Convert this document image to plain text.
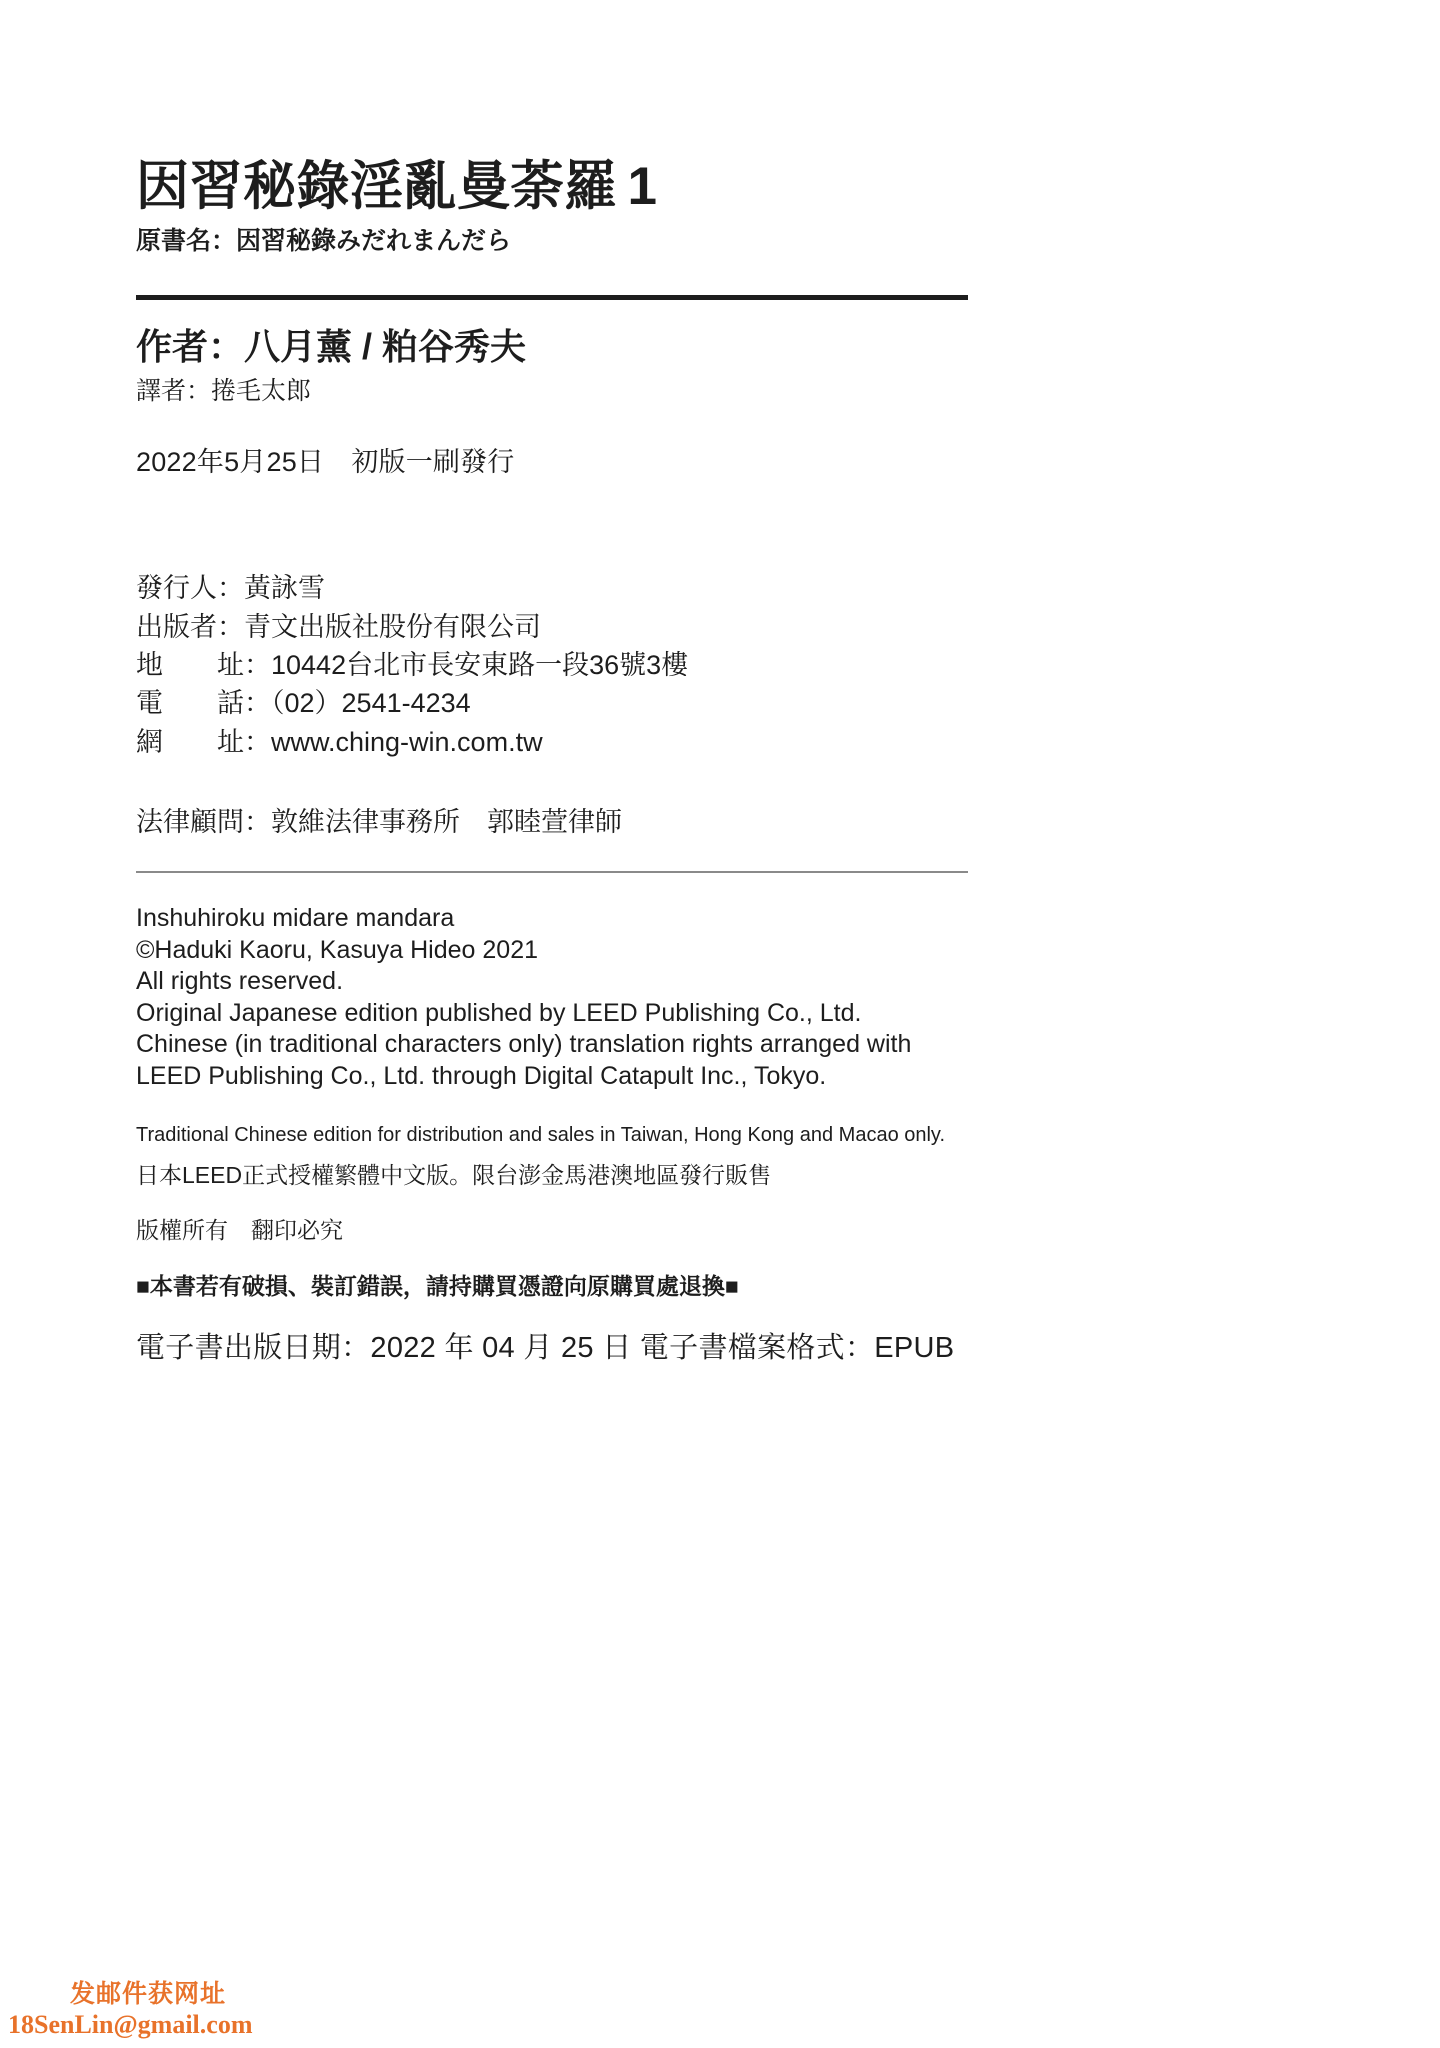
因習秘錄淫亂曼荼羅 1
原書名：因習秘錄みだれまんだら
作者：八月薰 / 粕谷秀夫
譯者：捲毛太郎
2022年5月25日　初版一刷發行
發行人：黃詠雪
出版者：青文出版社股份有限公司
地　　址：10442台北市長安東路一段36號3樓
電　　話：（02）2541-4234
網　　址：www.ching-win.com.tw
法律顧問：敦維法律事務所　郭睦萱律師
Inshuhiroku midare mandara
©Haduki Kaoru, Kasuya Hideo 2021
All rights reserved.
Original Japanese edition published by LEED Publishing Co., Ltd.
Chinese (in traditional characters only) translation rights arranged with
LEED Publishing Co., Ltd. through Digital Catapult Inc., Tokyo.
Traditional Chinese edition for distribution and sales in Taiwan, Hong Kong and Macao only.
日本LEED正式授權繁體中文版。限台澎金馬港澳地區發行販售
版權所有　翻印必究
■本書若有破損、裝訂錯誤，請持購買憑證向原購買處退換■
電子書出版日期：2022 年 04 月 25 日 電子書檔案格式：EPUB
发邮件获网址
18SenLin@gmail.com
